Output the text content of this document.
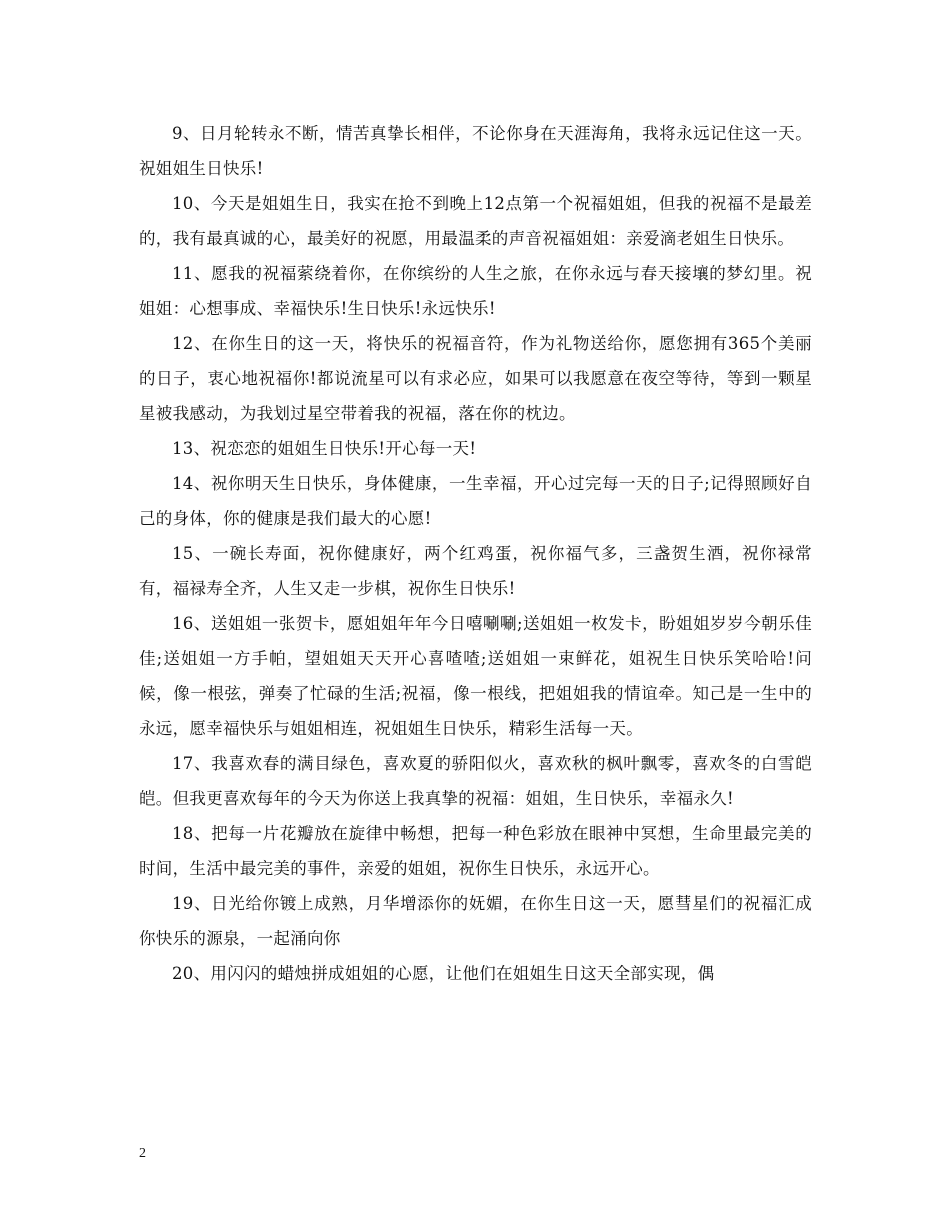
9、日月轮转永不断，情苦真挚长相伴，不论你身在天涯海角，我将永远记住这一天。祝姐姐生日快乐!

10、今天是姐姐生日，我实在抢不到晚上12点第一个祝福姐姐，但我的祝福不是最差的，我有最真诚的心，最美好的祝愿，用最温柔的声音祝福姐姐：亲爱滴老姐生日快乐。

11、愿我的祝福萦绕着你，在你缤纷的人生之旅，在你永远与春天接壤的梦幻里。祝姐姐：心想事成、幸福快乐!生日快乐!永远快乐!

12、在你生日的这一天，将快乐的祝福音符，作为礼物送给你，愿您拥有365个美丽的日子，衷心地祝福你!都说流星可以有求必应，如果可以我愿意在夜空等待，等到一颗星星被我感动，为我划过星空带着我的祝福，落在你的枕边。

13、祝恋恋的姐姐生日快乐!开心每一天!

14、祝你明天生日快乐，身体健康，一生幸福，开心过完每一天的日子;记得照顾好自己的身体，你的健康是我们最大的心愿!

15、一碗长寿面，祝你健康好，两个红鸡蛋，祝你福气多，三盏贺生酒，祝你禄常有，福禄寿全齐，人生又走一步棋，祝你生日快乐!

16、送姐姐一张贺卡，愿姐姐年年今日嘻唰唰;送姐姐一枚发卡，盼姐姐岁岁今朝乐佳佳;送姐姐一方手帕，望姐姐天天开心喜喳喳;送姐姐一束鲜花，姐祝生日快乐笑哈哈!问候，像一根弦，弹奏了忙碌的生活;祝福，像一根线，把姐姐我的情谊牵。知己是一生中的永远，愿幸福快乐与姐姐相连，祝姐姐生日快乐，精彩生活每一天。

17、我喜欢春的满目绿色，喜欢夏的骄阳似火，喜欢秋的枫叶飘零，喜欢冬的白雪皑皑。但我更喜欢每年的今天为你送上我真挚的祝福：姐姐，生日快乐，幸福永久!

18、把每一片花瓣放在旋律中畅想，把每一种色彩放在眼神中冥想，生命里最完美的时间，生活中最完美的事件，亲爱的姐姐，祝你生日快乐，永远开心。

19、日光给你镀上成熟，月华增添你的妩媚，在你生日这一天，愿彗星们的祝福汇成你快乐的源泉，一起涌向你

20、用闪闪的蜡烛拼成姐姐的心愿，让他们在姐姐生日这天全部实现，偶

2
